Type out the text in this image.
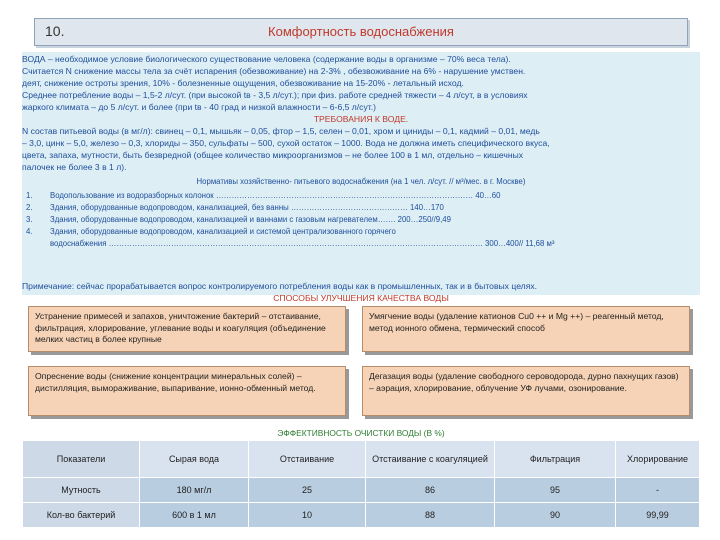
10.	Комфортность водоснабжения
ВОДА – необходимое условие биологического существование человека (содержание воды в организме – 70% веса тела).
Считается N снижение массы тела за счёт испарения (обезвоживание) на 2-3% , обезвоживание на 6% - нарушение умствен.
деят, снижение остроты зрения, 10% - болезненные ощущения, обезвоживание на 15-20% - летальный исход.
Среднее потребление воды – 1,5-2 л/сут. (при высокой tв - 3,5 л/сут.); при физ. работе средней тяжести – 4 л/сут, в в условиях
жаркого климата – до 5 л/сут. и более (при tв - 40 град и низкой влажности – 6-6,5 л/сут.)
ТРЕБОВАНИЯ К ВОДЕ.
N состав питьевой воды (в мг/л): свинец – 0,1, мышьяк – 0,05, фтор – 1,5, селен – 0,01, хром и циниды – 0,1, кадмий – 0,01, медь
– 3,0, цинк – 5,0, железо – 0,3, хлориды – 350, сульфаты – 500, сухой остаток – 1000. Вода не должна иметь специфического вкуса,
цвета, запаха, мутности, быть безвредной (общее количество микроорганизмов – не более 100 в 1 мл, отдельно – кишечных
палочек не более 3 в 1 л).
Нормативы хозяйственно- питьевого водоснабжения (на 1 чел. л/сут. // м³/мес. в г. Москве)
1. Водопользование из водоразборных колонок ……………………………………………………………………………………… 40…60
2. Здания, оборудованные водопроводом, канализацией, без ванны ……………………………………… 140…170
3. Здания, оборудованные водопроводом, канализацией и ваннами с газовым нагревателем……. 200…250//9,49
4. Здания, оборудованные водопроводом, канализацией и системой централизованного горячего
водоснабжения ……………………………………………………………………………………………………………………………… 300…400// 11,68 м³
Примечание: сейчас прорабатывается вопрос контролируемого потребления воды как в промышленных, так и в бытовых целях.
СПОСОБЫ УЛУЧШЕНИЯ КАЧЕСТВА ВОДЫ
Устранение примесей и запахов, уничтожение бактерий – отстаивание, фильтрация, хлорирование, углевание воды и коагуляция (объединение мелких частиц в более крупные
Умягчение воды (удаление катионов Cu0 ++ и Mg ++) – реагенный метод, метод ионного обмена, термический способ
Опреснение воды (снижение концентрации минеральных солей) – дистилляция, вымораживание, выпаривание, ионно-обменный метод.
Дегазация воды (удаление свободного сероводорода, дурно пахнущих газов) – аэрация, хлорирование, облучение УФ лучами, озонирование.
ЭФФЕКТИВНОСТЬ ОЧИСТКИ ВОДЫ (В %)
Показатели	Сырая вода	Отстаивание	Отстаивание с коагуляцией	Фильтрация	Хлорирование
Мутность	180 мг/л	25	86	95	-
Кол-во бактерий	600 в 1 мл	10	88	90	99,99
